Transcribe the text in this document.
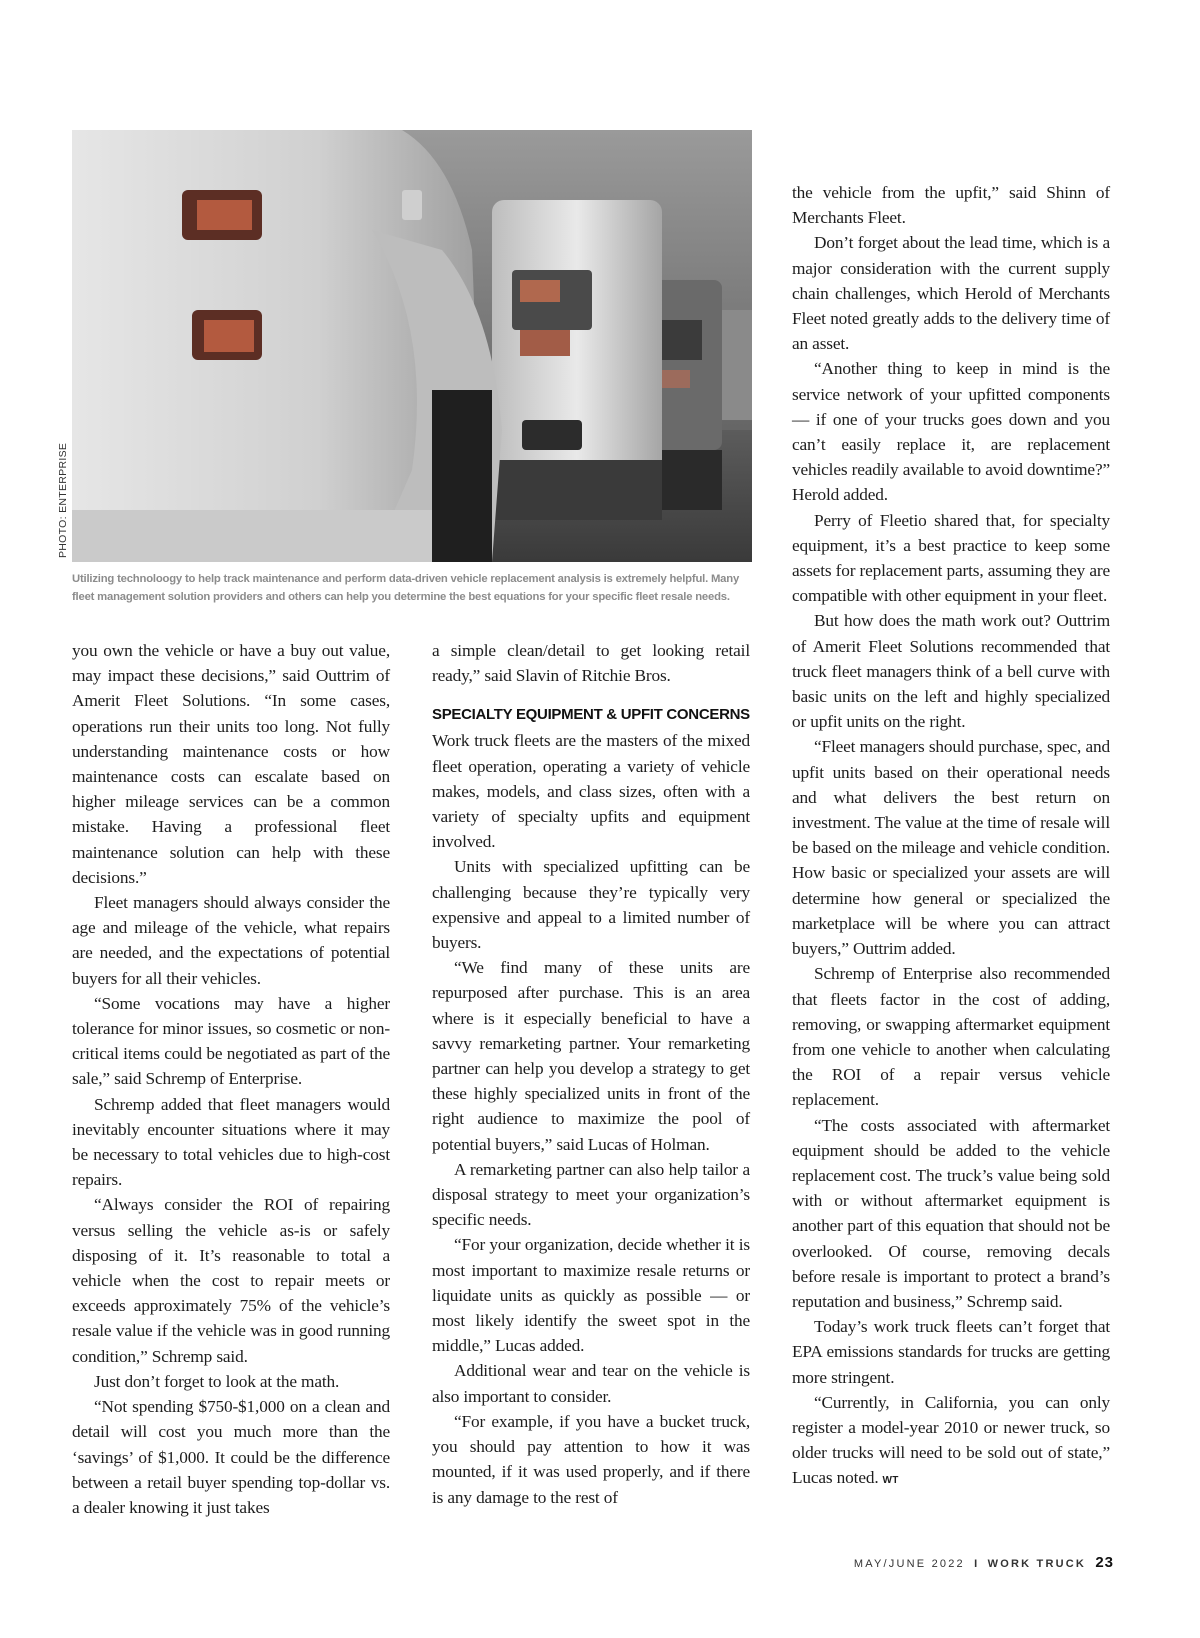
PHOTO: ENTERPRISE
Utilizing technoloogy to help track maintenance and perform data-driven vehicle replacement analysis is extremely helpful. Many fleet management solution providers and others can help you determine the best equations for your specific fleet resale needs.

you own the vehicle or have a buy out value, may impact these decisions,” said Outtrim of Amerit Fleet Solutions. “In some cases, operations run their units too long. Not fully understanding maintenance costs or how maintenance costs can escalate based on higher mileage services can be a common mistake. Having a professional fleet maintenance solution can help with these decisions.”

Fleet managers should always consider the age and mileage of the vehicle, what repairs are needed, and the expectations of potential buyers for all their vehicles.

“Some vocations may have a higher tolerance for minor issues, so cosmetic or non-critical items could be negotiated as part of the sale,” said Schremp of Enterprise.

Schremp added that fleet managers would inevitably encounter situations where it may be necessary to total vehicles due to high-cost repairs.

“Always consider the ROI of repairing versus selling the vehicle as-is or safely disposing of it. It’s reasonable to total a vehicle when the cost to repair meets or exceeds approximately 75% of the vehicle’s resale value if the vehicle was in good running condition,” Schremp said.

Just don’t forget to look at the math.

“Not spending $750-$1,000 on a clean and detail will cost you much more than the ‘savings’ of $1,000. It could be the difference between a retail buyer spending top-dollar vs. a dealer knowing it just takes

a simple clean/detail to get looking retail ready,” said Slavin of Ritchie Bros.

SPECIALTY EQUIPMENT & UPFIT CONCERNS

Work truck fleets are the masters of the mixed fleet operation, operating a variety of vehicle makes, models, and class sizes, often with a variety of specialty upfits and equipment involved.

Units with specialized upfitting can be challenging because they’re typically very expensive and appeal to a limited number of buyers.

“We find many of these units are repurposed after purchase. This is an area where is it especially beneficial to have a savvy remarketing partner. Your remarketing partner can help you develop a strategy to get these highly specialized units in front of the right audience to maximize the pool of potential buyers,” said Lucas of Holman.

A remarketing partner can also help tailor a disposal strategy to meet your organization’s specific needs.

“For your organization, decide whether it is most important to maximize resale returns or liquidate units as quickly as possible — or most likely identify the sweet spot in the middle,” Lucas added.

Additional wear and tear on the vehicle is also important to consider.

“For example, if you have a bucket truck, you should pay attention to how it was mounted, if it was used properly, and if there is any damage to the rest of

the vehicle from the upfit,” said Shinn of Merchants Fleet.

Don’t forget about the lead time, which is a major consideration with the current supply chain challenges, which Herold of Merchants Fleet noted greatly adds to the delivery time of an asset.

“Another thing to keep in mind is the service network of your upfitted components — if one of your trucks goes down and you can’t easily replace it, are replacement vehicles readily available to avoid downtime?” Herold added.

Perry of Fleetio shared that, for specialty equipment, it’s a best practice to keep some assets for replacement parts, assuming they are compatible with other equipment in your fleet.

But how does the math work out? Outtrim of Amerit Fleet Solutions recommended that truck fleet managers think of a bell curve with basic units on the left and highly specialized or upfit units on the right.

“Fleet managers should purchase, spec, and upfit units based on their operational needs and what delivers the best return on investment. The value at the time of resale will be based on the mileage and vehicle condition. How basic or specialized your assets are will determine how general or specialized the marketplace will be where you can attract buyers,” Outtrim added.

Schremp of Enterprise also recommended that fleets factor in the cost of adding, removing, or swapping aftermarket equipment from one vehicle to another when calculating the ROI of a repair versus vehicle replacement.

“The costs associated with aftermarket equipment should be added to the vehicle replacement cost. The truck’s value being sold with or without aftermarket equipment is another part of this equation that should not be overlooked. Of course, removing decals before resale is important to protect a brand’s reputation and business,” Schremp said.

Today’s work truck fleets can’t forget that EPA emissions standards for trucks are getting more stringent.

“Currently, in California, you can only register a model-year 2010 or newer truck, so older trucks will need to be sold out of state,” Lucas noted. WT

MAY/JUNE 2022 I WORK TRUCK 23
